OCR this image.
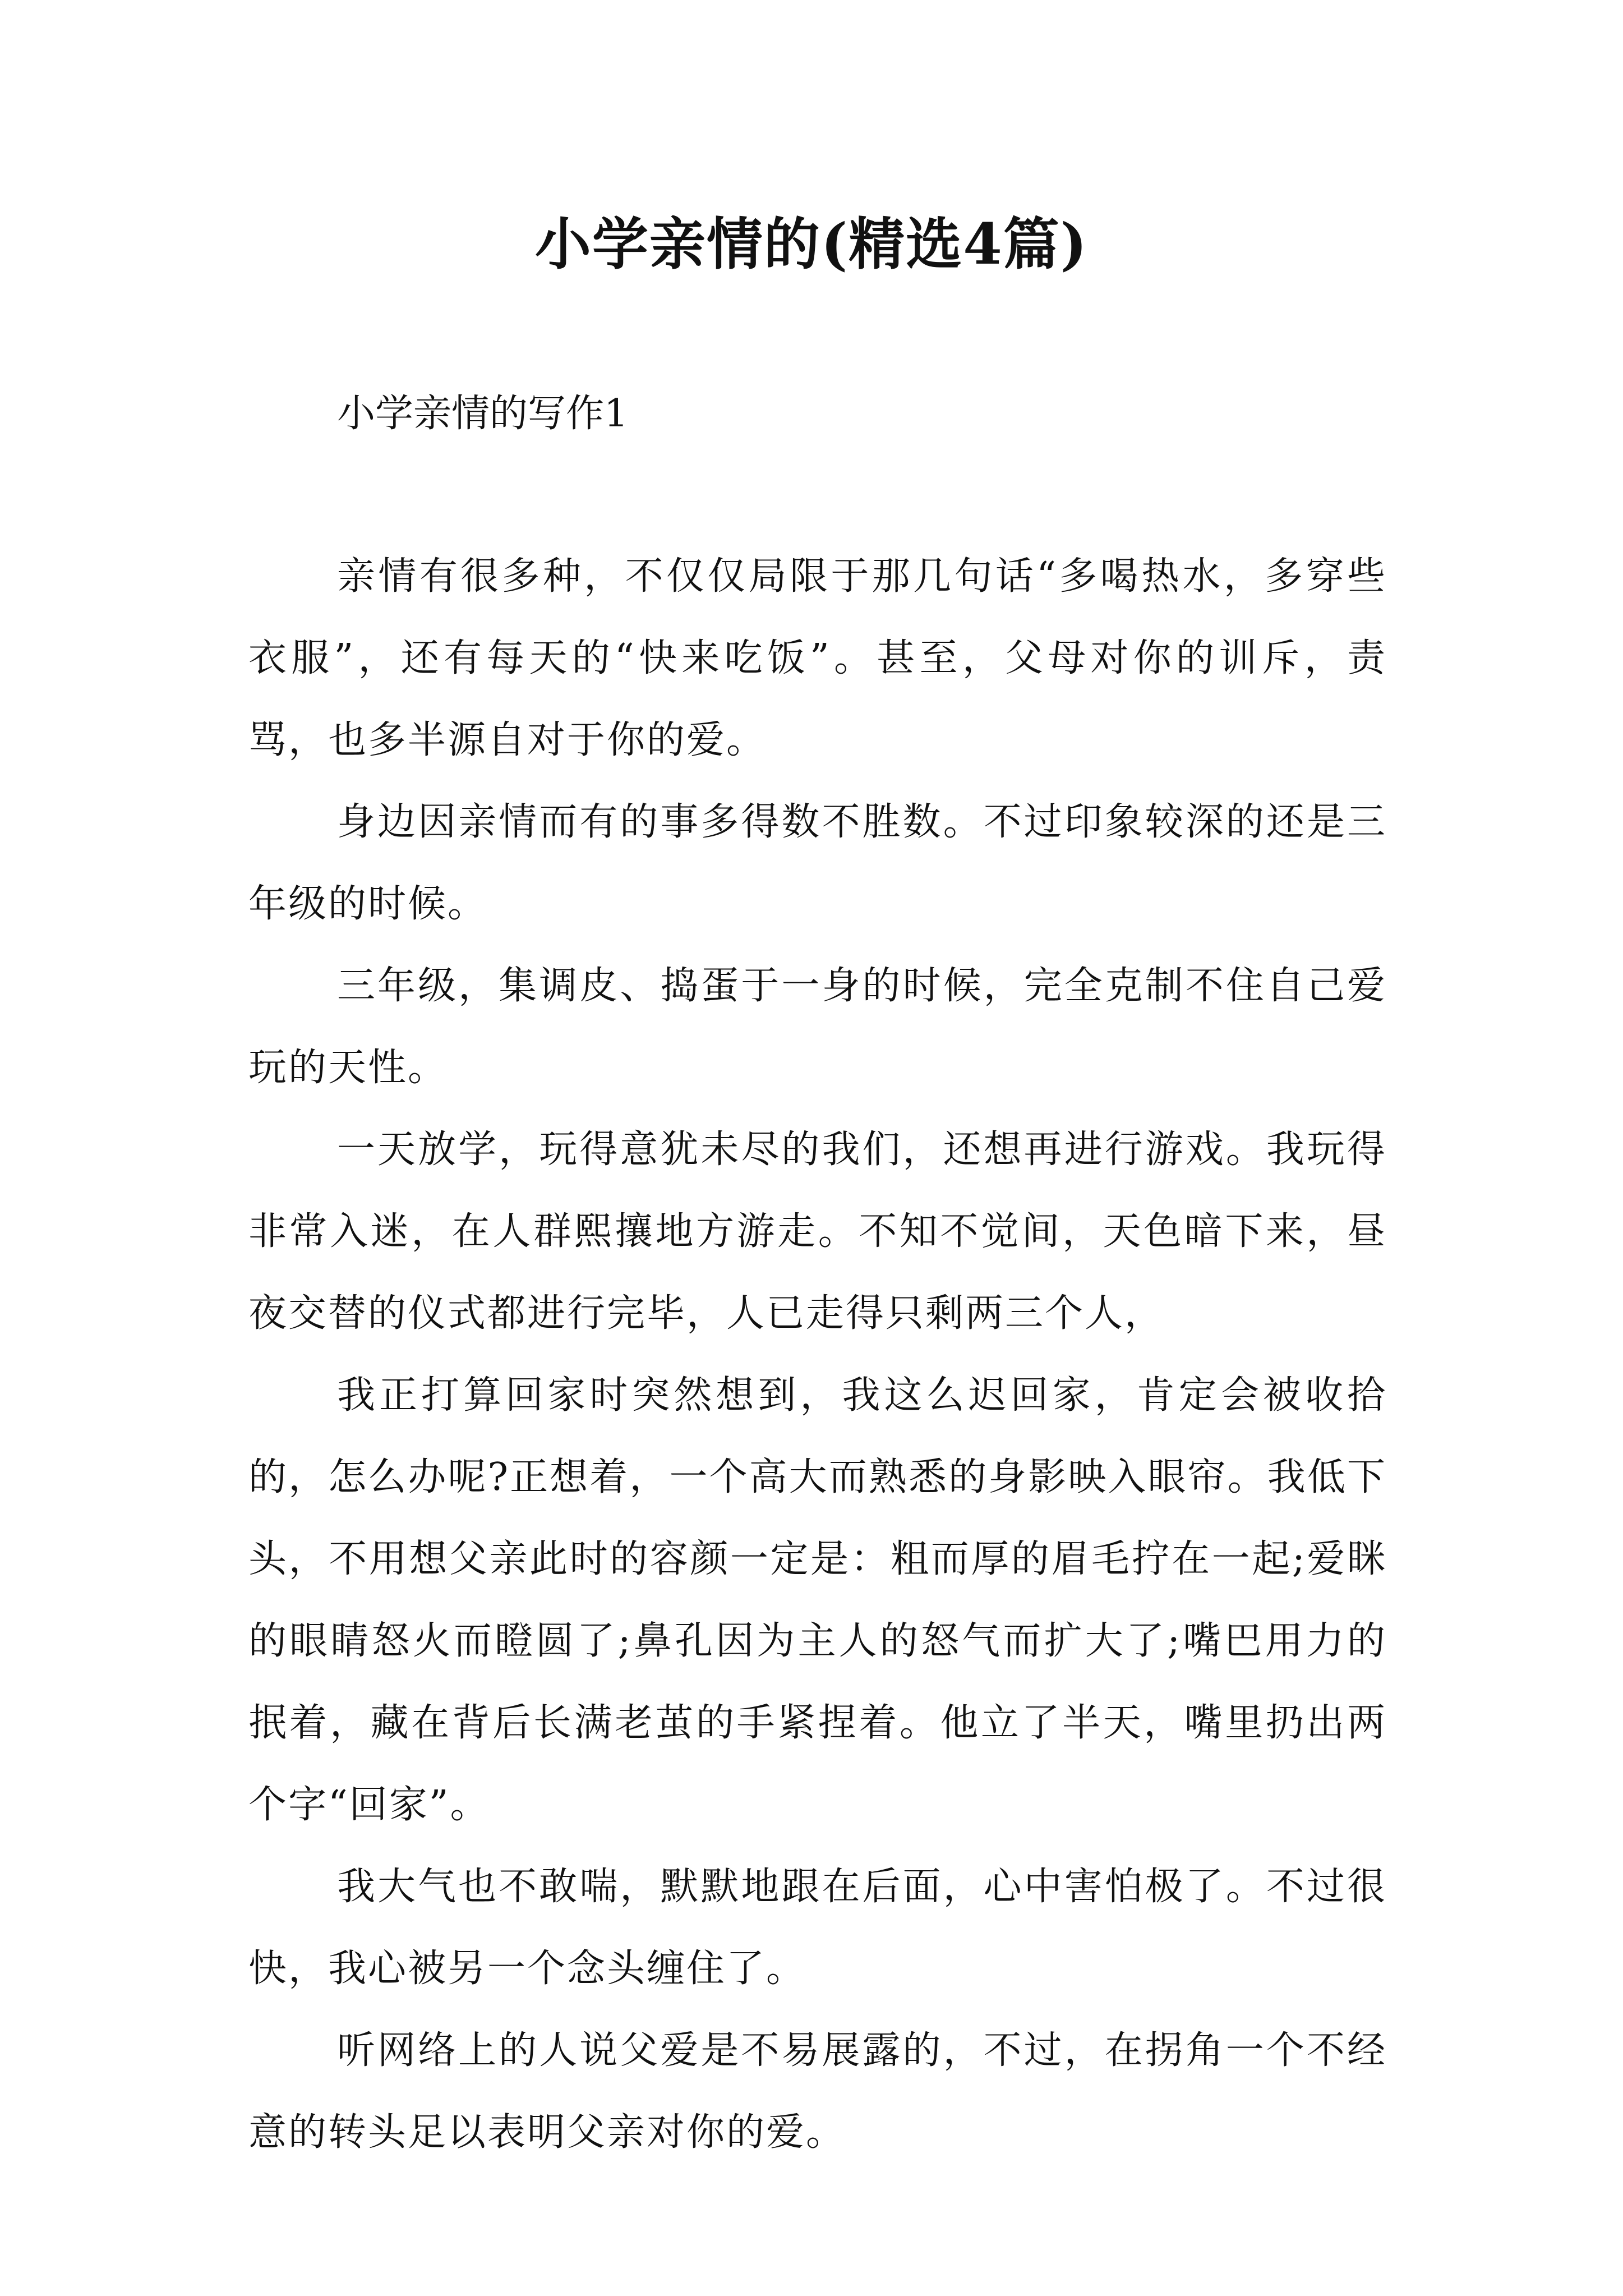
小学亲情的(精选4篇)
小学亲情的写作1

亲情有很多种，不仅仅局限于那几句话“多喝热水，多穿些衣服”，还有每天的“快来吃饭”。甚至，父母对你的训斥，责骂，也多半源自对于你的爱。

身边因亲情而有的事多得数不胜数。不过印象较深的还是三年级的时候。

三年级，集调皮、捣蛋于一身的时候，完全克制不住自己爱玩的天性。

一天放学，玩得意犹未尽的我们，还想再进行游戏。我玩得非常入迷，在人群熙攘地方游走。不知不觉间，天色暗下来，昼夜交替的仪式都进行完毕，人已走得只剩两三个人，

我正打算回家时突然想到，我这么迟回家，肯定会被收拾的，怎么办呢?正想着，一个高大而熟悉的身影映入眼帘。我低下头，不用想父亲此时的容颜一定是：粗而厚的眉毛拧在一起;爱眯的眼睛怒火而瞪圆了;鼻孔因为主人的怒气而扩大了;嘴巴用力的抿着，藏在背后长满老茧的手紧捏着。他立了半天，嘴里扔出两个字“回家”。

我大气也不敢喘，默默地跟在后面，心中害怕极了。不过很快，我心被另一个念头缠住了。

听网络上的人说父爱是不易展露的，不过，在拐角一个不经意的转头足以表明父亲对你的爱。
